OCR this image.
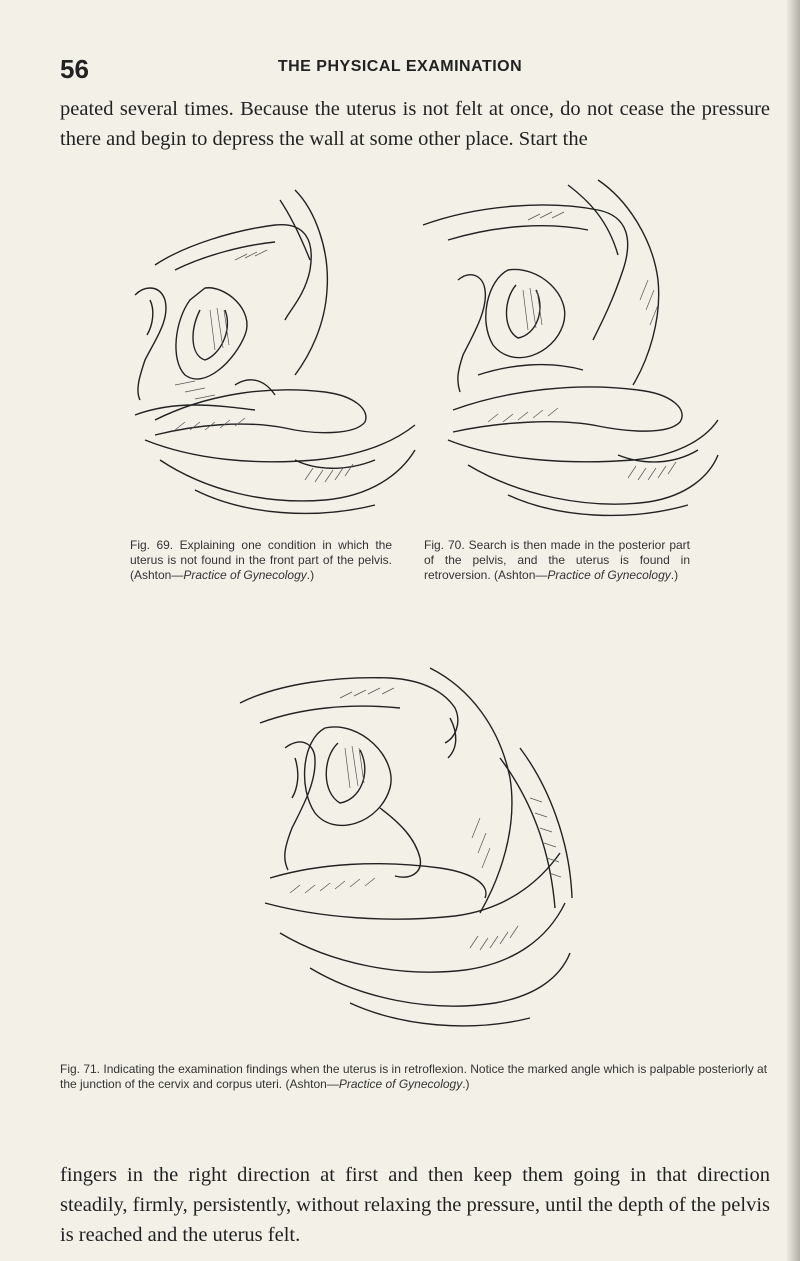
56	THE PHYSICAL EXAMINATION

peated several times. Because the uterus is not felt at once, do not cease the pressure there and begin to depress the wall at some other place. Start the

Fig. 69. Explaining one condition in which the uterus is not found in the front part of the pelvis. (Ashton—Practice of Gynecology.)
Fig. 70. Search is then made in the posterior part of the pelvis, and the uterus is found in retroversion. (Ashton—Practice of Gynecology.)
Fig. 71. Indicating the examination findings when the uterus is in retroflexion. Notice the marked angle which is palpable posteriorly at the junction of the cervix and corpus uteri. (Ashton—Practice of Gynecology.)

fingers in the right direction at first and then keep them going in that direction steadily, firmly, persistently, without relaxing the pressure, until the depth of the pelvis is reached and the uterus felt.
